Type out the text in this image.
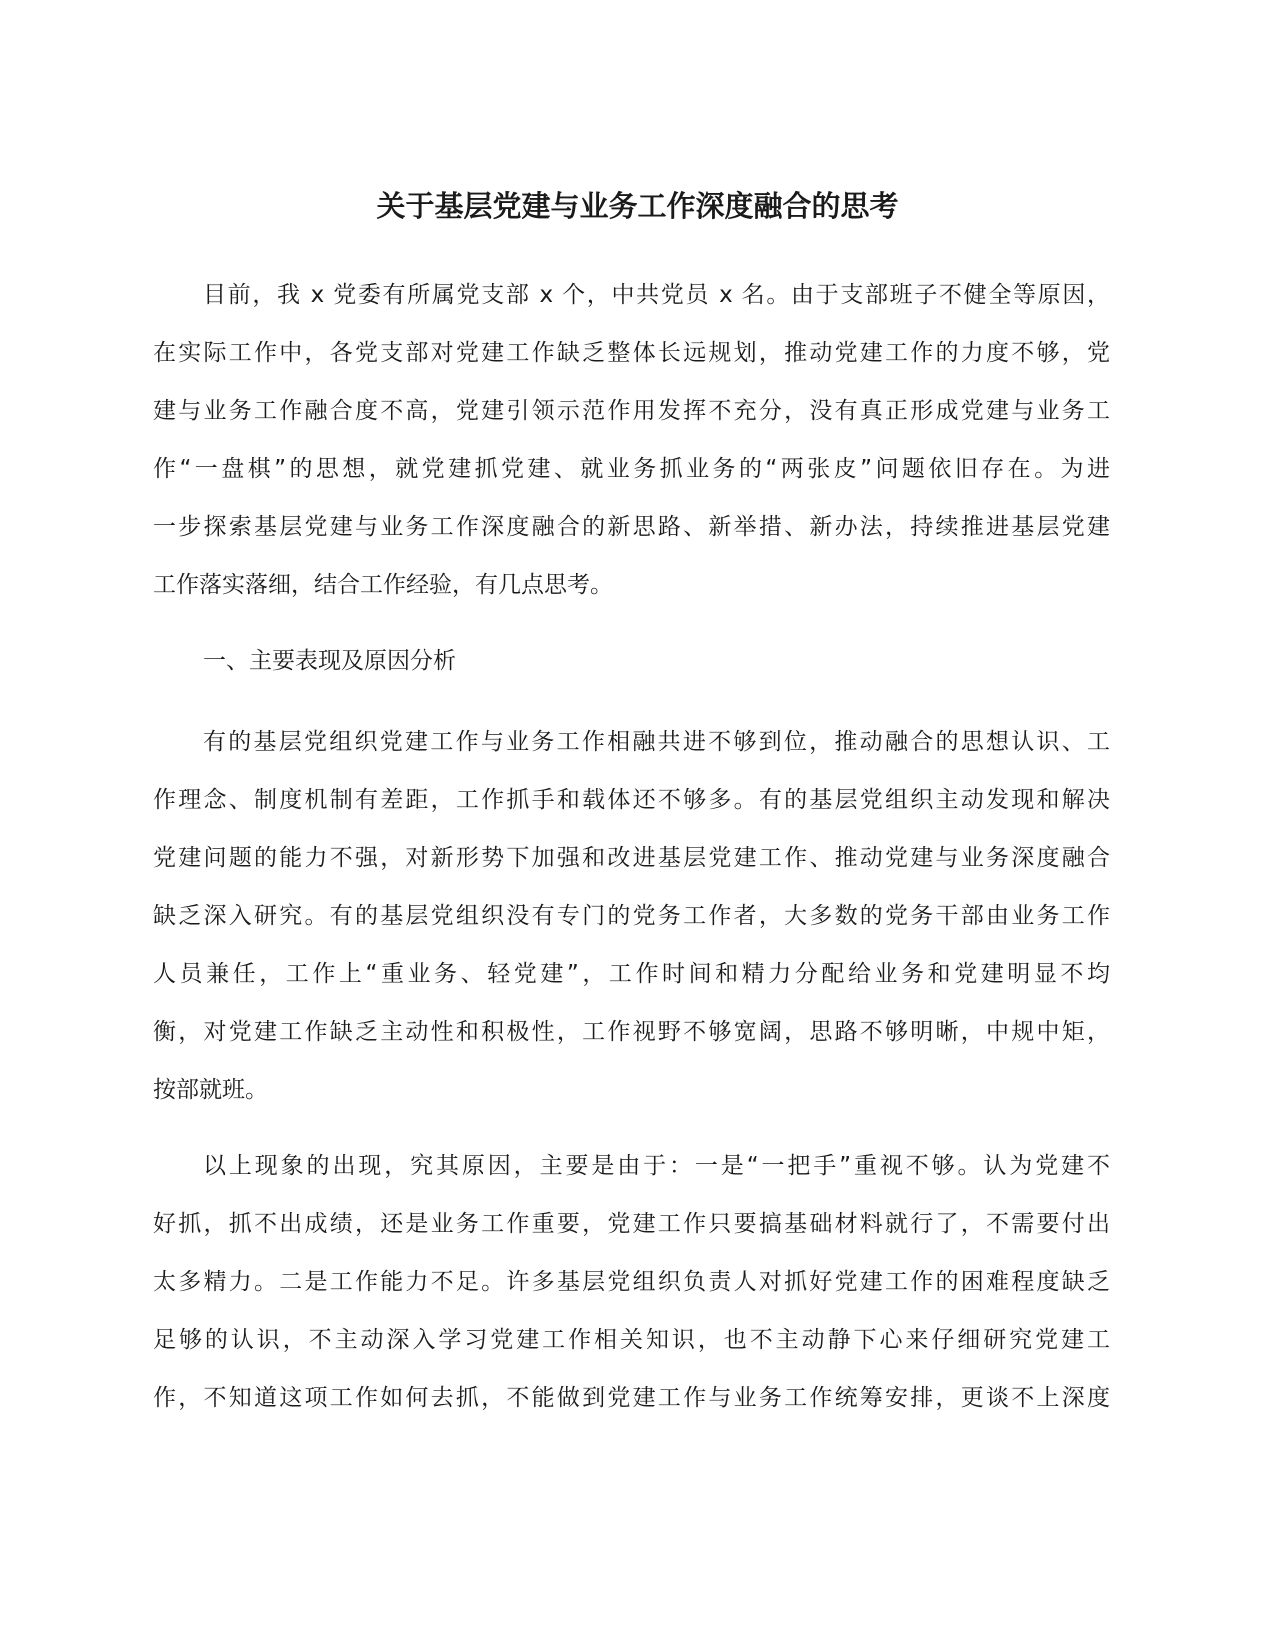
关于基层党建与业务工作深度融合的思考
目前，我 x 党委有所属党支部 x 个，中共党员 x 名。由于支部班子不健全等原因，
在实际工作中，各党支部对党建工作缺乏整体长远规划，推动党建工作的力度不够，党
建与业务工作融合度不高，党建引领示范作用发挥不充分，没有真正形成党建与业务工
作“一盘棋”的思想，就党建抓党建、就业务抓业务的“两张皮”问题依旧存在。为进
一步探索基层党建与业务工作深度融合的新思路、新举措、新办法，持续推进基层党建
工作落实落细，结合工作经验，有几点思考。
一、主要表现及原因分析
有的基层党组织党建工作与业务工作相融共进不够到位，推动融合的思想认识、工
作理念、制度机制有差距，工作抓手和载体还不够多。有的基层党组织主动发现和解决
党建问题的能力不强，对新形势下加强和改进基层党建工作、推动党建与业务深度融合
缺乏深入研究。有的基层党组织没有专门的党务工作者，大多数的党务干部由业务工作
人员兼任，工作上“重业务、轻党建”，工作时间和精力分配给业务和党建明显不均
衡，对党建工作缺乏主动性和积极性，工作视野不够宽阔，思路不够明晰，中规中矩，
按部就班。
以上现象的出现，究其原因，主要是由于：一是“一把手”重视不够。认为党建不
好抓，抓不出成绩，还是业务工作重要，党建工作只要搞基础材料就行了，不需要付出
太多精力。二是工作能力不足。许多基层党组织负责人对抓好党建工作的困难程度缺乏
足够的认识，不主动深入学习党建工作相关知识，也不主动静下心来仔细研究党建工
作，不知道这项工作如何去抓，不能做到党建工作与业务工作统筹安排，更谈不上深度
